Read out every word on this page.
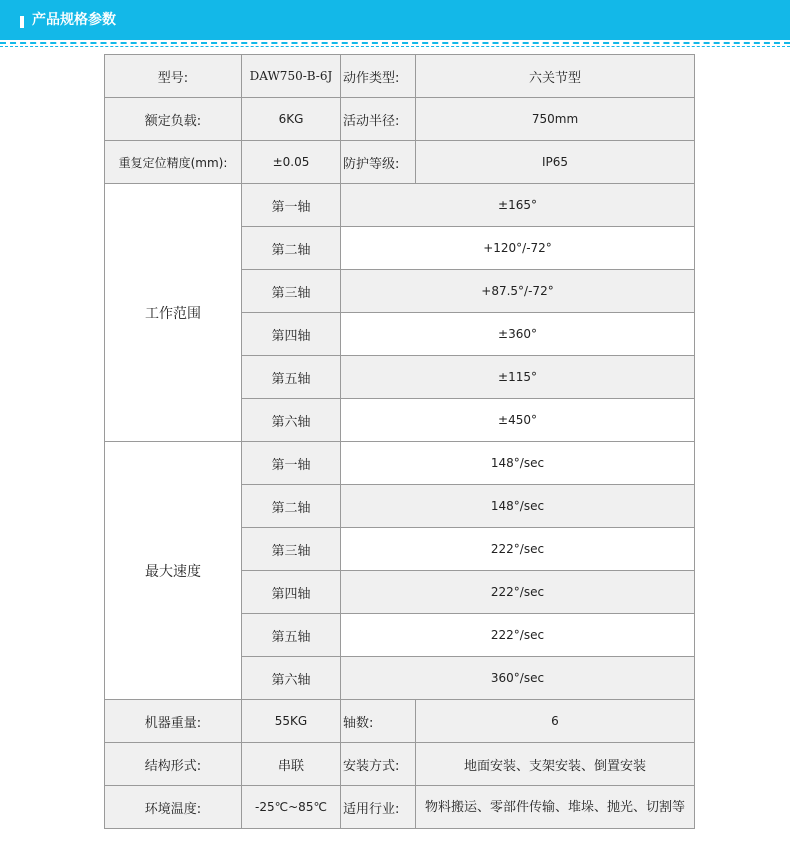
产品规格参数
型号:	DAW750-B-6J	动作类型:	六关节型
额定负载:	6KG	活动半径:	750mm
重复定位精度(mm):	±0.05	防护等级:	IP65
工作范围	第一轴	±165°	
	第二轴	+120°/-72°	
	第三轴	+87.5°/-72°	
	第四轴	±360°	
	第五轴	±115°	
	第六轴	±450°	
最大速度	第一轴	148°/sec	
	第二轴	148°/sec	
	第三轴	222°/sec	
	第四轴	222°/sec	
	第五轴	222°/sec	
	第六轴	360°/sec	
机器重量:	55KG	轴数:	6
结构形式:	串联	安装方式:	地面安装、支架安装、倒置安装
环境温度:	-25℃~85℃	适用行业:	物料搬运、零部件传输、堆垛、抛光、切割等
